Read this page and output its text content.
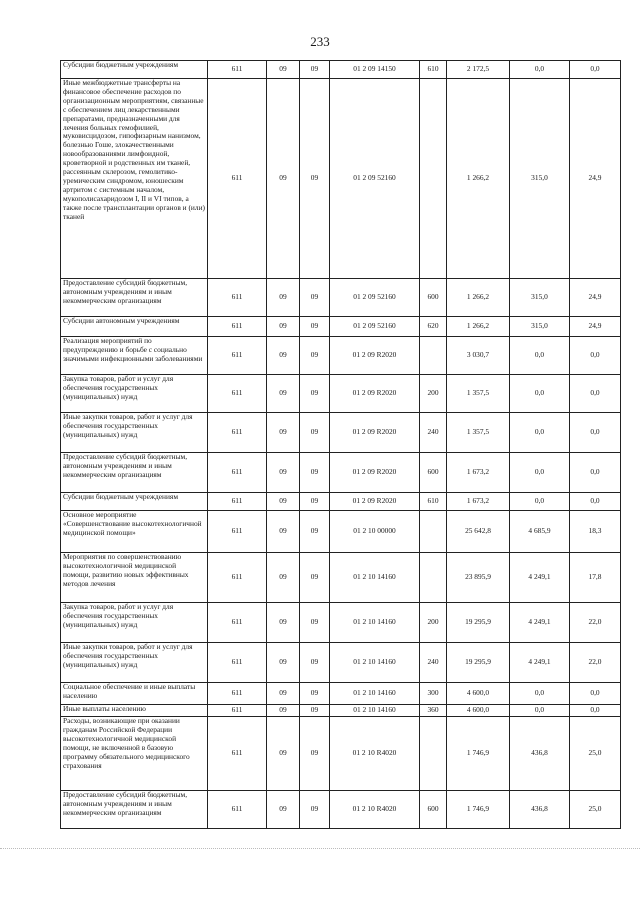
233
Субсидии бюджетным учреждениям	611	09	09	01 2 09 14150	610	2 172,5	0,0	0,0
Иные межбюджетные трансферты на финансовое обеспечение расходов по организационным мероприятиям, связанные с обеспечением лиц лекарственными препаратами, предназначенными для лечения больных гемофилией, муковисцидозом, гипофизарным нанизмом, болезнью Гоше, злокачественными новообразованиями лимфоидной, кроветворной и родственных им тканей, рассеянным склерозом, гемолитико-уремическим синдромом, юношеским артритом с системным началом, мукополисахаридозом I, II и VI типов, а также после трансплантации органов и (или) тканей	611	09	09	01 2 09 52160		1 266,2	315,0	24,9
Предоставление субсидий бюджетным, автономным учреждениям и иным некоммерческим организациям	611	09	09	01 2 09 52160	600	1 266,2	315,0	24,9
Субсидии автономным учреждениям	611	09	09	01 2 09 52160	620	1 266,2	315,0	24,9
Реализация мероприятий по предупреждению и борьбе с социально значимыми инфекционными заболеваниями	611	09	09	01 2 09 R2020		3 030,7	0,0	0,0
Закупка товаров, работ и услуг для обеспечения государственных (муниципальных) нужд	611	09	09	01 2 09 R2020	200	1 357,5	0,0	0,0
Иные закупки товаров, работ и услуг для обеспечения государственных (муниципальных) нужд	611	09	09	01 2 09 R2020	240	1 357,5	0,0	0,0
Предоставление субсидий бюджетным, автономным учреждениям и иным некоммерческим организациям	611	09	09	01 2 09 R2020	600	1 673,2	0,0	0,0
Субсидии бюджетным учреждениям	611	09	09	01 2 09 R2020	610	1 673,2	0,0	0,0
Основное мероприятие «Совершенствование высокотехнологичной медицинской помощи»	611	09	09	01 2 10 00000		25 642,8	4 685,9	18,3
Мероприятия по совершенствованию высокотехнологичной медицинской помощи, развитию новых эффективных методов лечения	611	09	09	01 2 10 14160		23 895,9	4 249,1	17,8
Закупка товаров, работ и услуг для обеспечения государственных (муниципальных) нужд	611	09	09	01 2 10 14160	200	19 295,9	4 249,1	22,0
Иные закупки товаров, работ и услуг для обеспечения государственных (муниципальных) нужд	611	09	09	01 2 10 14160	240	19 295,9	4 249,1	22,0
Социальное обеспечение и иные выплаты населению	611	09	09	01 2 10 14160	300	4 600,0	0,0	0,0
Иные выплаты населению	611	09	09	01 2 10 14160	360	4 600,0	0,0	0,0
Расходы, возникающие при оказании гражданам Российской Федерации высокотехнологичной медицинской помощи, не включенной в базовую программу обязательного медицинского страхования	611	09	09	01 2 10 R4020		1 746,9	436,8	25,0
Предоставление субсидий бюджетным, автономным учреждениям и иным некоммерческим организациям	611	09	09	01 2 10 R4020	600	1 746,9	436,8	25,0
